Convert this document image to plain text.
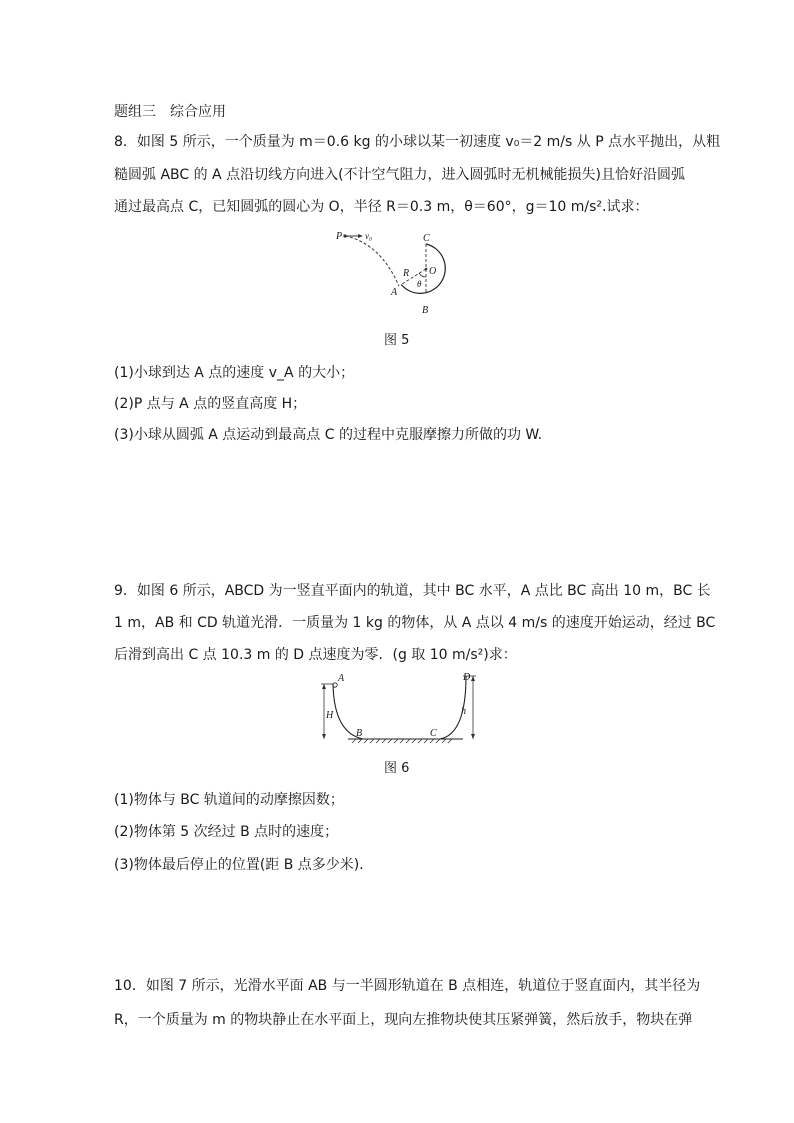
题组三　综合应用
8．如图 5 所示，一个质量为 m＝0.6 kg 的小球以某一初速度 v₀＝2 m/s 从 P 点水平抛出，从粗
糙圆弧 ABC 的 A 点沿切线方向进入(不计空气阻力，进入圆弧时无机械能损失)且恰好沿圆弧
通过最高点 C，已知圆弧的圆心为 O，半径 R＝0.3 m，θ＝60°，g＝10 m/s².试求：
P	v₀	C
O
R
A
θ
B
图 5
(1)小球到达 A 点的速度 v_A 的大小；
(2)P 点与 A 点的竖直高度 H；
(3)小球从圆弧 A 点运动到最高点 C 的过程中克服摩擦力所做的功 W.
9．如图 6 所示，ABCD 为一竖直平面内的轨道，其中 BC 水平，A 点比 BC 高出 10 m，BC 长
1 m，AB 和 CD 轨道光滑．一质量为 1 kg 的物体，从 A 点以 4 m/s 的速度开始运动，经过 BC
后滑到高出 C 点 10.3 m 的 D 点速度为零．(g 取 10 m/s²)求：
A	D
H	h
B	C
图 6
(1)物体与 BC 轨道间的动摩擦因数；
(2)物体第 5 次经过 B 点时的速度；
(3)物体最后停止的位置(距 B 点多少米)．
10．如图 7 所示，光滑水平面 AB 与一半圆形轨道在 B 点相连，轨道位于竖直面内，其半径为
R，一个质量为 m 的物块静止在水平面上，现向左推物块使其压紧弹簧，然后放手，物块在弹
